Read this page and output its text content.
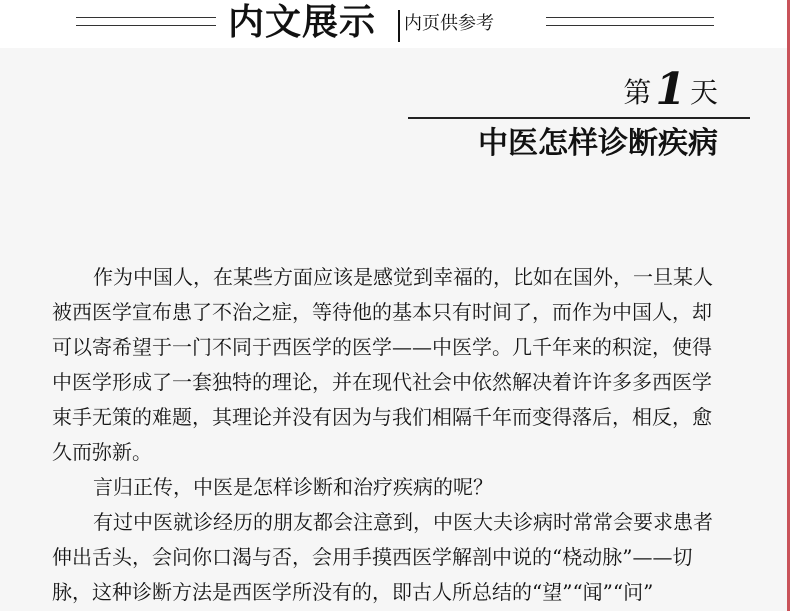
内文展示 内页供参考
第1 天
中医怎样诊断疾病
作为中国人，在某些方面应该是感觉到幸福的，比如在国外，一旦某人
被西医学宣布患了不治之症，等待他的基本只有时间了，而作为中国人，却
可以寄希望于一门不同于西医学的医学——中医学。几千年来的积淀，使得
中医学形成了一套独特的理论，并在现代社会中依然解决着许许多多西医学
束手无策的难题，其理论并没有因为与我们相隔千年而变得落后，相反，愈
久而弥新。
言归正传，中医是怎样诊断和治疗疾病的呢？
有过中医就诊经历的朋友都会注意到，中医大夫诊病时常常会要求患者
伸出舌头，会问你口渴与否，会用手摸西医学解剖中说的“桡动脉”——切
脉，这种诊断方法是西医学所没有的，即古人所总结的“望”“闻”“问”
